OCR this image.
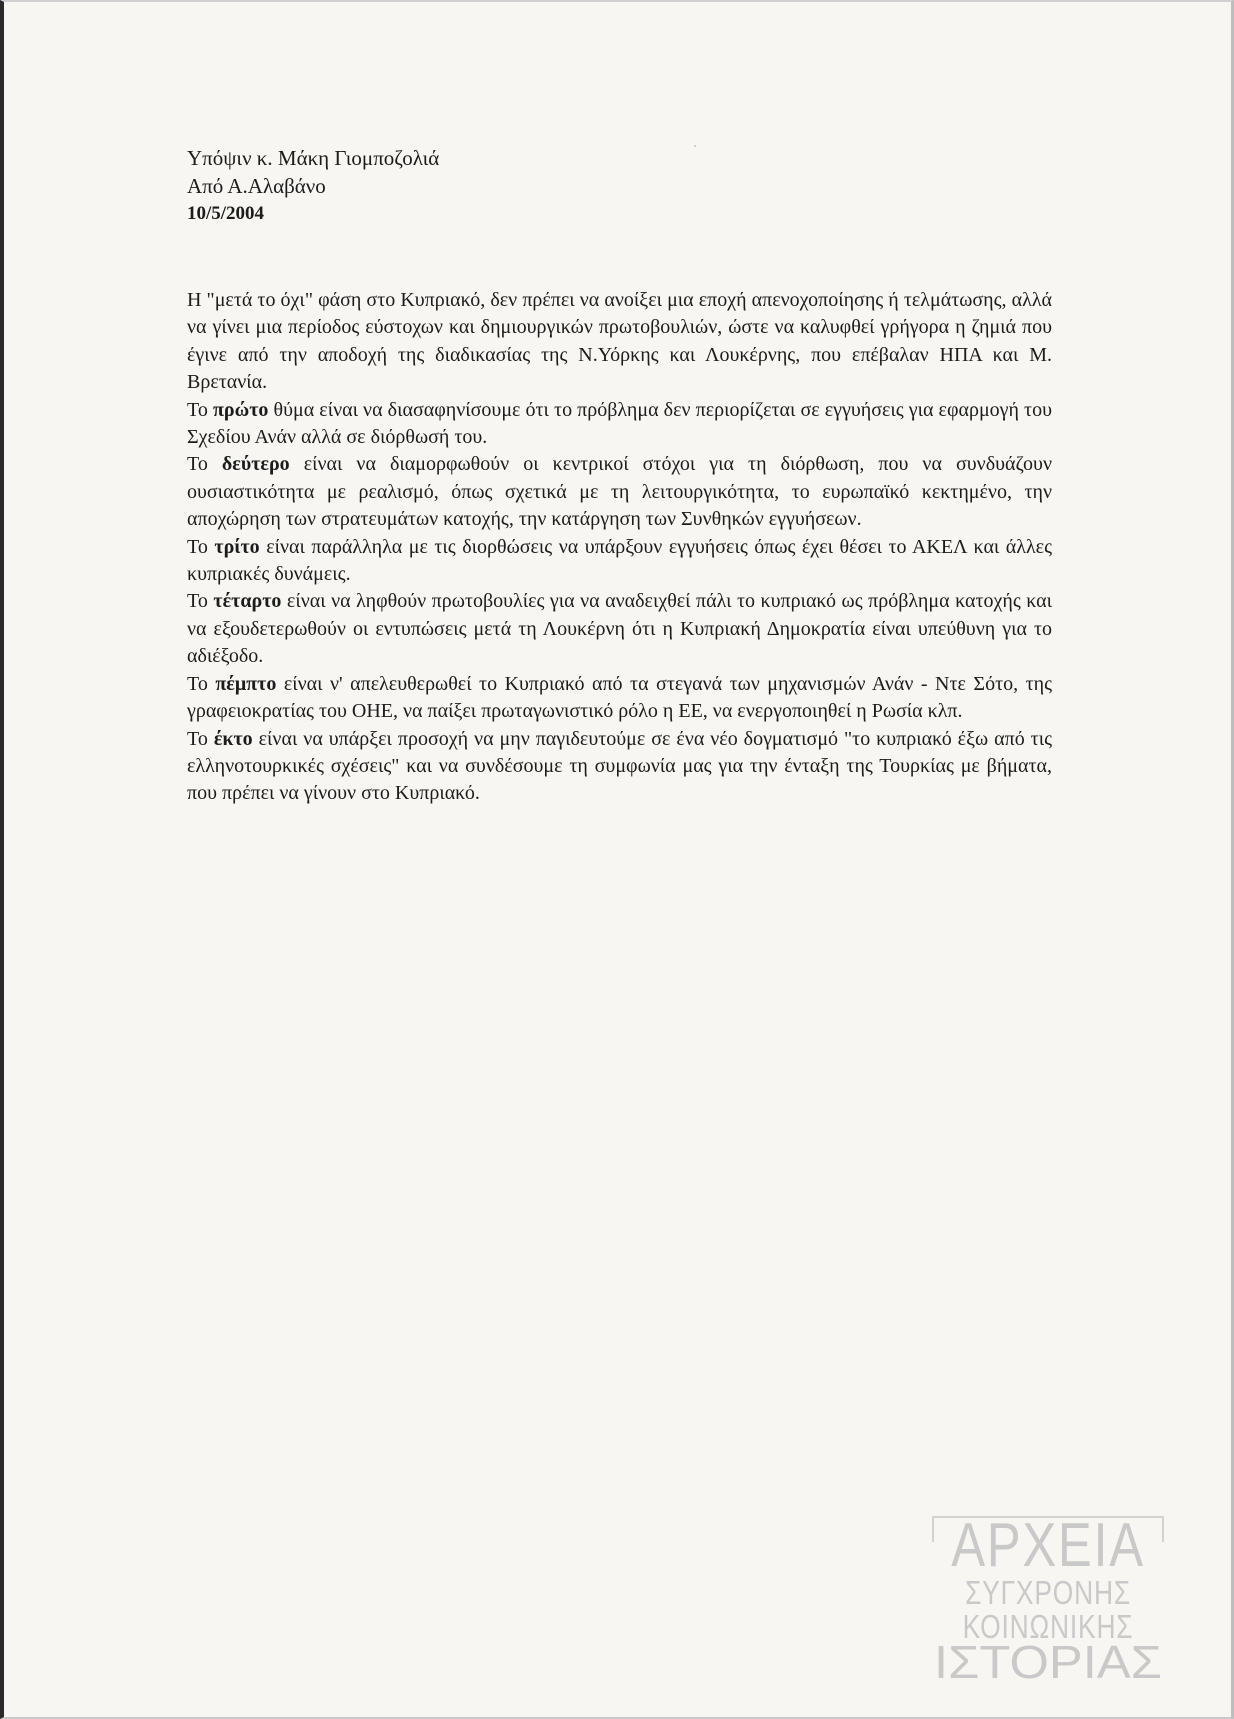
Υπόψιν κ. Μάκη Γιομποζολιά
Από Α.Αλαβάνο
10/5/2004

Η "μετά το όχι" φάση στο Κυπριακό, δεν πρέπει να ανοίξει μια εποχή απενοχοποίησης ή τελμάτωσης, αλλά να γίνει μια περίοδος εύστοχων και δημιουργικών πρωτοβουλιών, ώστε να καλυφθεί γρήγορα η ζημιά που έγινε από την αποδοχή της διαδικασίας της Ν.Υόρκης και Λουκέρνης, που επέβαλαν ΗΠΑ και Μ. Βρετανία.

Το πρώτο θύμα είναι να διασαφηνίσουμε ότι το πρόβλημα δεν περιορίζεται σε εγγυήσεις για εφαρμογή του Σχεδίου Ανάν αλλά σε διόρθωσή του.

Το δεύτερο είναι να διαμορφωθούν οι κεντρικοί στόχοι για τη διόρθωση, που να συνδυάζουν ουσιαστικότητα με ρεαλισμό, όπως σχετικά με τη λειτουργικότητα, το ευρωπαϊκό κεκτημένο, την αποχώρηση των στρατευμάτων κατοχής, την κατάργηση των Συνθηκών εγγυήσεων.

Το τρίτο είναι παράλληλα με τις διορθώσεις να υπάρξουν εγγυήσεις όπως έχει θέσει το ΑΚΕΛ και άλλες κυπριακές δυνάμεις.

Το τέταρτο είναι να ληφθούν πρωτοβουλίες για να αναδειχθεί πάλι το κυπριακό ως πρόβλημα κατοχής και να εξουδετερωθούν οι εντυπώσεις μετά τη Λουκέρνη ότι η Κυπριακή Δημοκρατία είναι υπεύθυνη για το αδιέξοδο.

Το πέμπτο είναι ν' απελευθερωθεί το Κυπριακό από τα στεγανά των μηχανισμών Ανάν - Ντε Σότο, της γραφειοκρατίας του ΟΗΕ, να παίξει πρωταγωνιστικό ρόλο η ΕΕ, να ενεργοποιηθεί η Ρωσία κλπ.

Το έκτο είναι να υπάρξει προσοχή να μην παγιδευτούμε σε ένα νέο δογματισμό "το κυπριακό έξω από τις ελληνοτουρκικές σχέσεις" και να συνδέσουμε τη συμφωνία μας για την ένταξη της Τουρκίας με βήματα, που πρέπει να γίνουν στο Κυπριακό.

ΑΡΧΕΙΑ
ΣΥΓΧΡΟΝΗΣ
ΚΟΙΝΩΝΙΚΗΣ
ΙΣΤΟΡΙΑΣ
